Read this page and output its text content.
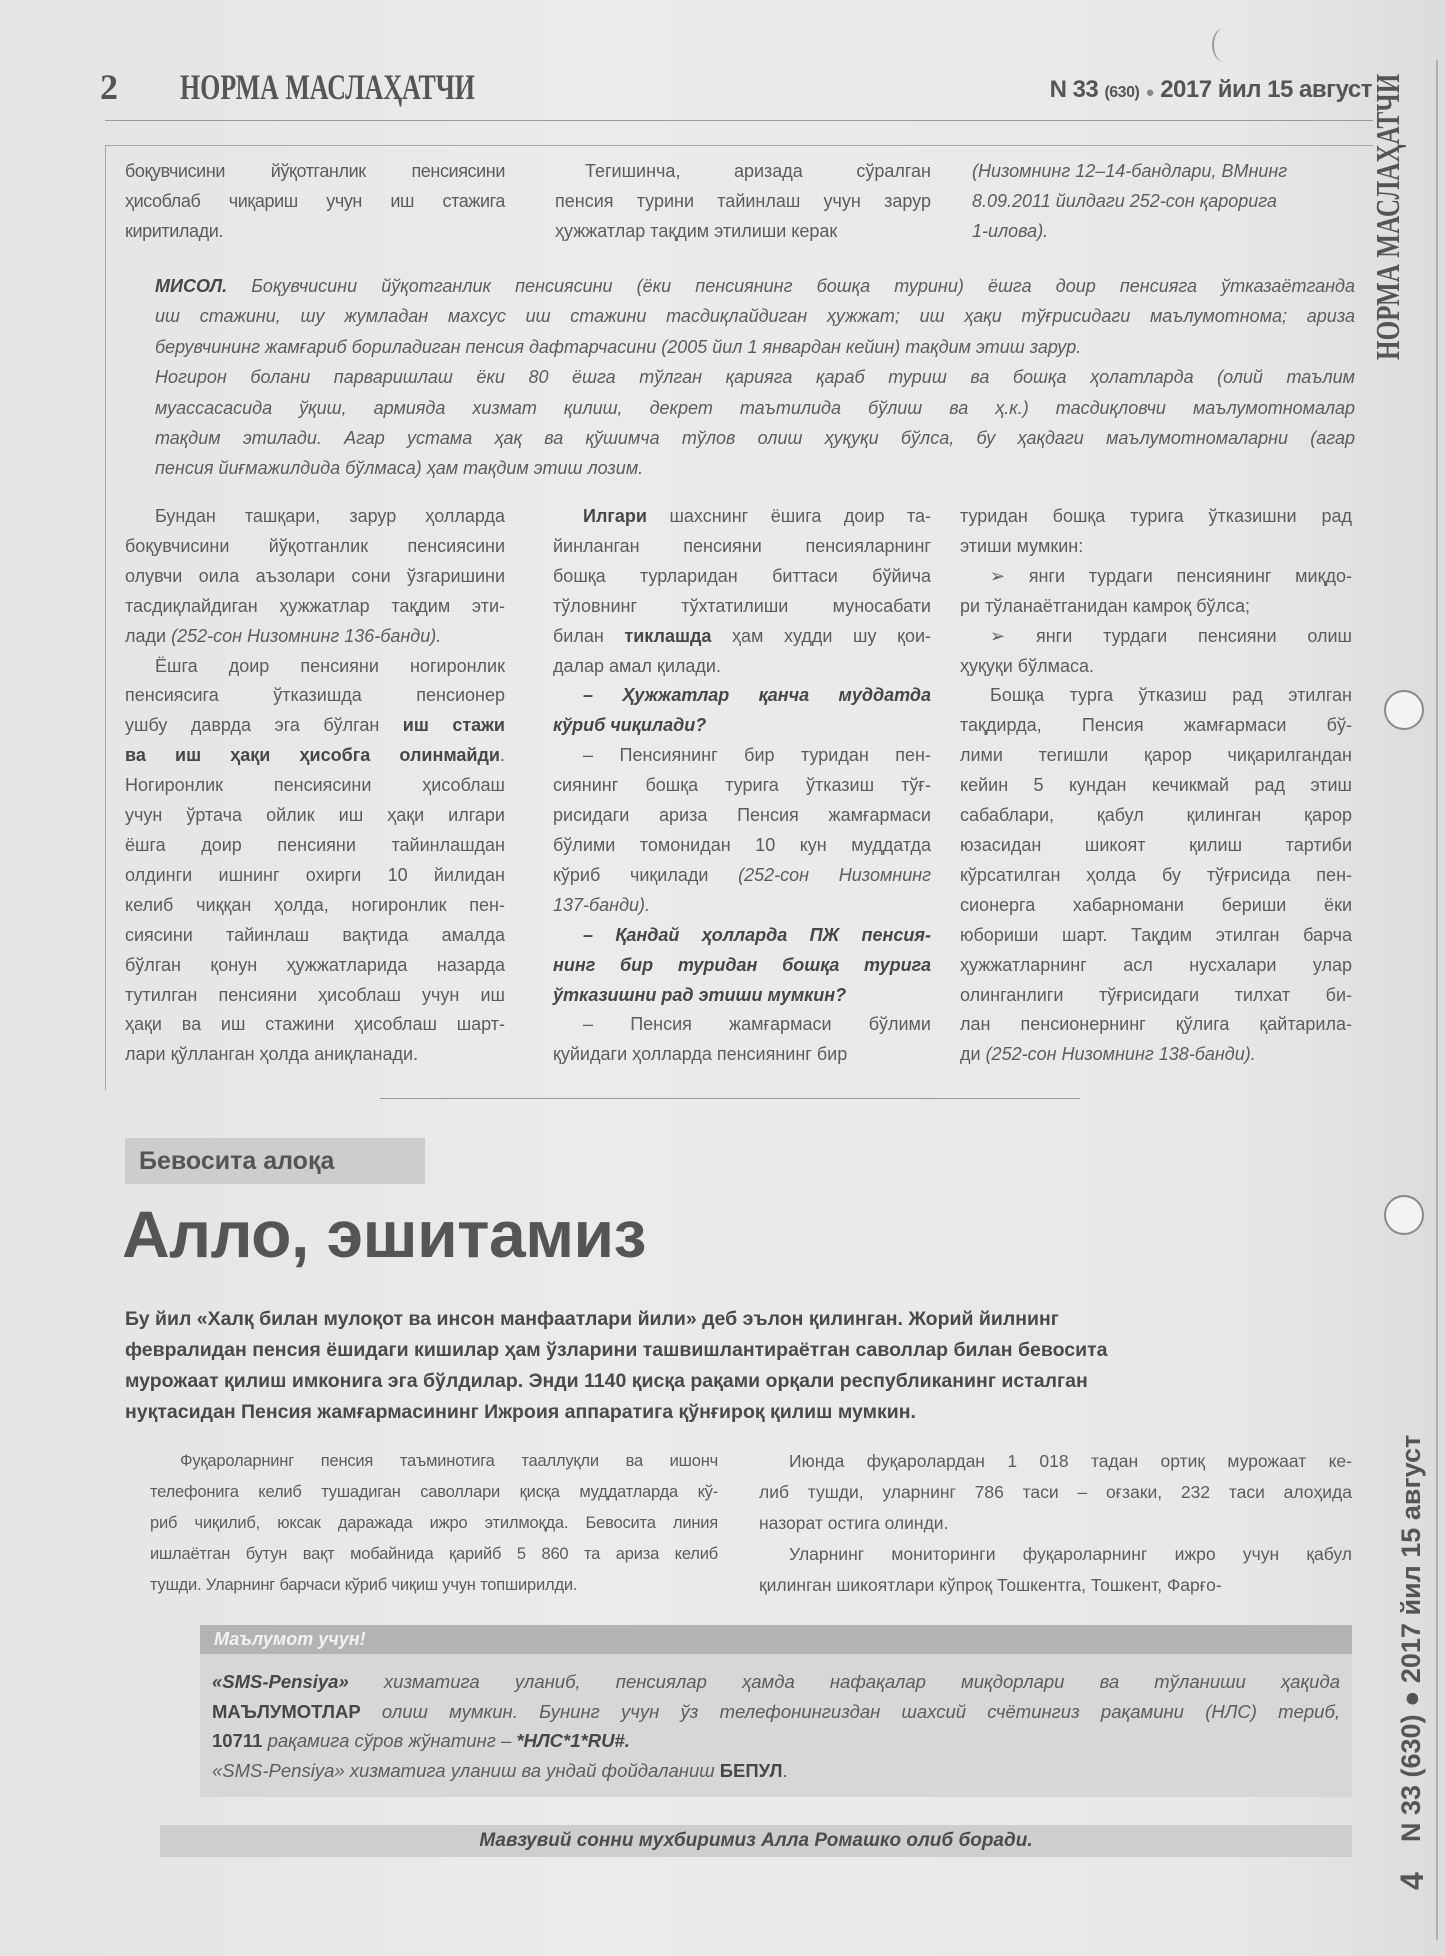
2 НОРМА МАСЛАҲАТЧИ	N 33 (630) ● 2017 йил 15 август
НОРМА МАСЛАҲАТЧИ
N 33 (630) ● 2017 йил 15 август
4
боқувчисини йўқотганлик пенсиясини
ҳисоблаб чиқариш учун иш стажига
киритилади.
Тегишинча, аризада сўралган
пенсия турини тайинлаш учун зарур
ҳужжатлар тақдим этилиши керак
(Низомнинг 12–14-бандлари, ВМнинг
8.09.2011 йилдаги 252-сон қарорига
1-илова).
МИСОЛ. Боқувчисини йўқотганлик пенсиясини (ёки пенсиянинг бошқа турини) ёшга доир пенсияга ўтказаётганда
иш стажини, шу жумладан махсус иш стажини тасдиқлайдиган ҳужжат; иш ҳақи тўғрисидаги маълумотнома; ариза
берувчининг жамғариб бориладиган пенсия дафтарчасини (2005 йил 1 январдан кейин) тақдим этиш зарур.
Ногирон болани парваришлаш ёки 80 ёшга тўлган қарияга қараб туриш ва бошқа ҳолатларда (олий таълим
муассасасида ўқиш, армияда хизмат қилиш, декрет таътилида бўлиш ва ҳ.к.) тасдиқловчи маълумотномалар
тақдим этилади. Агар устама ҳақ ва қўшимча тўлов олиш ҳуқуқи бўлса, бу ҳақдаги маълумотномаларни (агар
пенсия йиғмажилдида бўлмаса) ҳам тақдим этиш лозим.
Бундан ташқари, зарур ҳолларда
боқувчисини йўқотганлик пенсиясини
олувчи оила аъзолари сони ўзгаришини
тасдиқлайдиган ҳужжатлар тақдим эти-
лади (252-сон Низомнинг 136-банди).
Ёшга доир пенсияни ногиронлик
пенсиясига ўтказишда пенсионер
ушбу даврда эга бўлган иш стажи
ва иш ҳақи ҳисобга олинмайди.
Ногиронлик пенсиясини ҳисоблаш
учун ўртача ойлик иш ҳақи илгари
ёшга доир пенсияни тайинлашдан
олдинги ишнинг охирги 10 йилидан
келиб чиққан ҳолда, ногиронлик пен-
сиясини тайинлаш вақтида амалда
бўлган қонун ҳужжатларида назарда
тутилган пенсияни ҳисоблаш учун иш
ҳақи ва иш стажини ҳисоблаш шарт-
лари қўлланган ҳолда аниқланади.
Илгари шахснинг ёшига доир та-
йинланган пенсияни пенсияларнинг
бошқа турларидан биттаси бўйича
тўловнинг тўхтатилиши муносабати
билан тиклашда ҳам худди шу қои-
далар амал қилади.
– Ҳужжатлар қанча муддатда
кўриб чиқилади?
– Пенсиянинг бир туридан пен-
сиянинг бошқа турига ўтказиш тўғ-
рисидаги ариза Пенсия жамғармаси
бўлими томонидан 10 кун муддатда
кўриб чиқилади (252-сон Низомнинг
137-банди).
– Қандай ҳолларда ПЖ пенсия-
нинг бир туридан бошқа турига
ўтказишни рад этиши мумкин?
– Пенсия жамғармаси бўлими
қуйидаги ҳолларда пенсиянинг бир
туридан бошқа турига ўтказишни рад
этиши мумкин:
➢ янги турдаги пенсиянинг миқдо-
ри тўланаётганидан камроқ бўлса;
➢ янги турдаги пенсияни олиш
ҳуқуқи бўлмаса.
Бошқа турга ўтказиш рад этилган
тақдирда, Пенсия жамғармаси бў-
лими тегишли қарор чиқарилгандан
кейин 5 кундан кечикмай рад этиш
сабаблари, қабул қилинган қарор
юзасидан шикоят қилиш тартиби
кўрсатилган ҳолда бу тўғрисида пен-
сионерга хабарномани бериши ёки
юбориши шарт. Тақдим этилган барча
ҳужжатларнинг асл нусхалари улар
олинганлиги тўғрисидаги тилхат би-
лан пенсионернинг қўлига қайтарила-
ди (252-сон Низомнинг 138-банди).
Бевосита алоқа
Алло, эшитамиз
Бу йил «Халқ билан мулоқот ва инсон манфаатлари йили» деб эълон қилинган. Жорий йилнинг
февралидан пенсия ёшидаги кишилар ҳам ўзларини ташвишлантираётган саволлар билан бевосита
мурожаат қилиш имконига эга бўлдилар. Энди 1140 қисқа рақами орқали республиканинг исталган
нуқтасидан Пенсия жамғармасининг Ижроия аппаратига қўнғироқ қилиш мумкин.
Фуқароларнинг пенсия таъминотига тааллуқли ва ишонч
телефонига келиб тушадиган саволлари қисқа муддатларда кў-
риб чиқилиб, юксак даражада ижро этилмоқда. Бевосита линия
ишлаётган бутун вақт мобайнида қарийб 5 860 та ариза келиб
тушди. Уларнинг барчаси кўриб чиқиш учун топширилди.
Июнда фуқаролардан 1 018 тадан ортиқ мурожаат ке-
либ тушди, уларнинг 786 таси – оғзаки, 232 таси алоҳида
назорат остига олинди.
Уларнинг мониторинги фуқароларнинг ижро учун қабул
қилинган шикоятлари кўпроқ Тошкентга, Тошкент, Фарғо-
Маълумот учун!
«SMS-Pensiya» хизматига уланиб, пенсиялар ҳамда нафақалар миқдорлари ва тўланиши ҳақида
МАЪЛУМОТЛАР олиш мумкин. Бунинг учун ўз телефонингиздан шахсий счётингиз рақамини (НЛС) териб,
10711 рақамига сўров жўнатинг – *НЛС*1*RU#.
«SMS-Pensiya» хизматига уланиш ва ундай фойдаланиш БЕПУЛ.
Мавзувий сонни мухбиримиз Алла Ромашко олиб боради.
